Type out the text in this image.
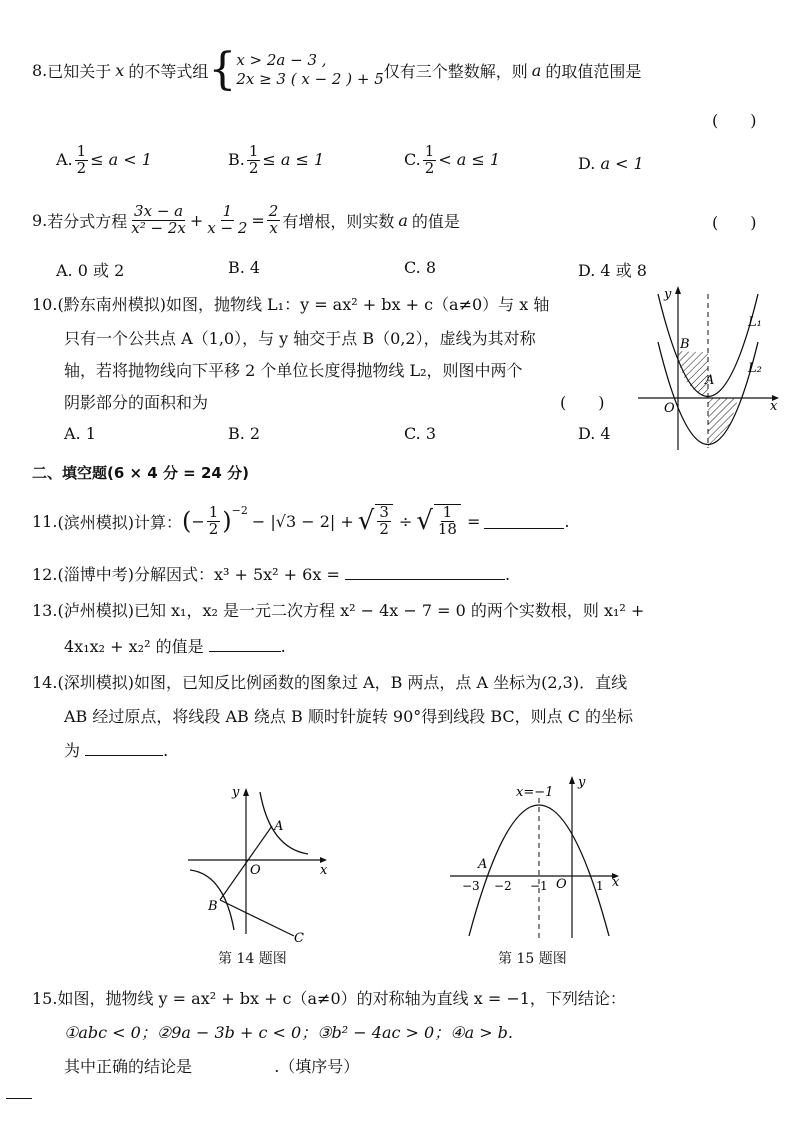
8. 已知关于 x 的不等式组 { x > 2a − 3 ,
2x ≥ 3 ( x − 2 ) + 5 仅有三个整数解，则 a 的取值范围是
(　　)
A. $\frac{1}{2} \le a < 1$	B. $\frac{1}{2} \le a \le 1$	C. $\frac{1}{2} < a \le 1$	D. a < 1
9. 若分式方程 $\frac{3x - a}{\text{x² − 2x}} + \frac{1}{x - 2} = \frac{2}{x}$ 有增根，则实数 a 的值是	(　　)
A. 0 或 2	B. 4	C. 8	D. 4 或 8
10.(黔东南州模拟)如图，抛物线 L₁：y = ax² + bx + c（a≠0）与 x 轴
只有一个公共点 A（1,0），与 y 轴交于点 B（0,2），虚线为其对称
轴，若将抛物线向下平移 2 个单位长度得抛物线 L₂，则图中两个
阴影部分的面积和为	(　　)
A. 1	B. 2	C. 3	D. 4
y
x
O
A
B
L₁
L₂
二、填空题(6 × 4 分 = 24 分)
11. (滨州模拟)计算： ( − $\frac{1}{2} )^{-2}$
− |√3 − 2| + √ $\frac{3}{2}$ ÷ √ $\frac{1}{18}$ =	.
12.(淄博中考)分解因式：x³ + 5x² + 6x =	.
13.(泸州模拟)已知 x₁，x₂ 是一元二次方程 x² − 4x − 7 = 0 的两个实数根，则 x₁² +
4x₁x₂ + x₂² 的值是	.
14.(深圳模拟)如图，已知反比例函数的图象过 A，B 两点，点 A 坐标为(2,3)．直线
AB 经过原点，将线段 AB 绕点 B 顺时针旋转 90°得到线段 BC，则点 C 的坐标
为	.
y
x
O
A
B
C
第 14 题图
x=−1
y
x
O
A
−3 −2 −1	1
第 15 题图
15.如图，抛物线 y = ax² + bx + c（a≠0）的对称轴为直线 x = −1，下列结论：
①abc < 0；②9a − 3b + c < 0；③b² − 4ac > 0；④a > b.
其中正确的结论是	.（填序号）
